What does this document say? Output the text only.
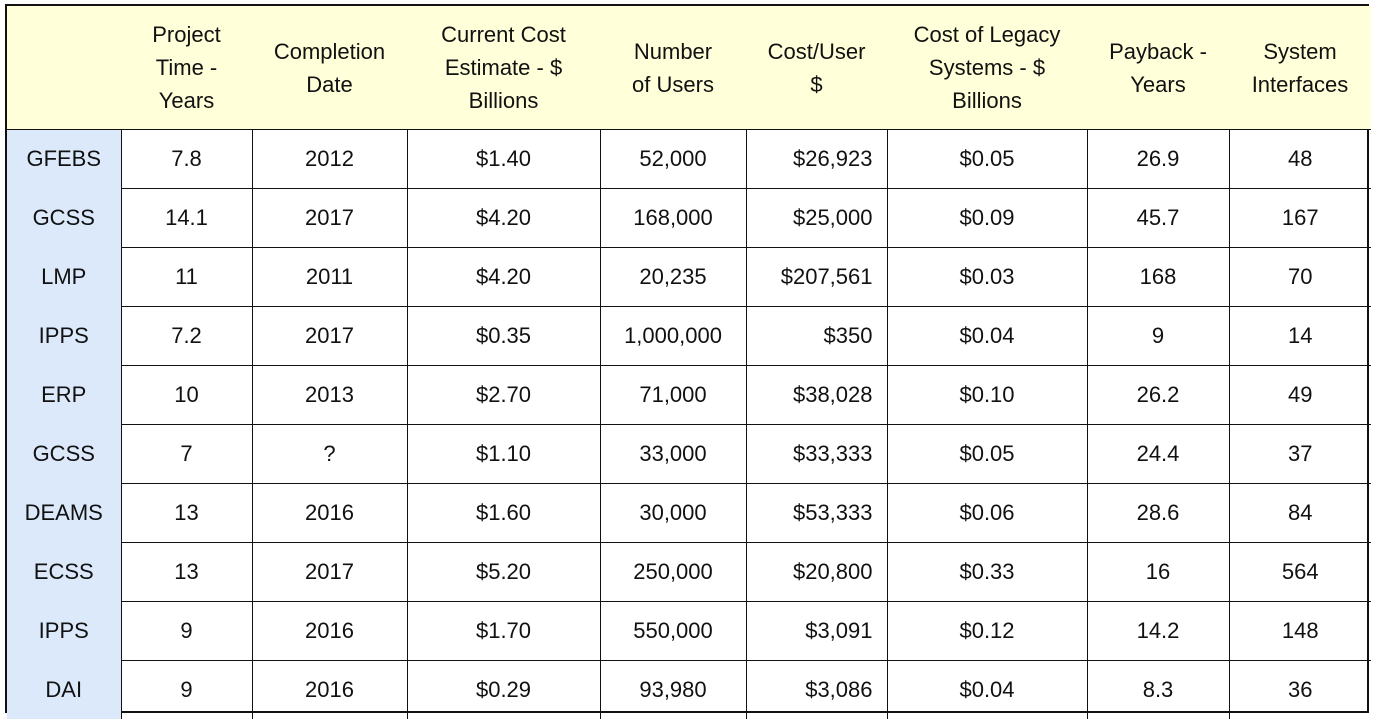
	Project
Time -
Years	Completion
Date	Current Cost
Estimate - $
Billions	Number
of Users	Cost/User
$	Cost of Legacy
Systems - $
Billions	Payback -
Years	System
Interfaces
GFEBS	7.8	2012	$1.40	52,000	$26,923	$0.05	26.9	48
GCSS	14.1	2017	$4.20	168,000	$25,000	$0.09	45.7	167
LMP	11	2011	$4.20	20,235	$207,561	$0.03	168	70
IPPS	7.2	2017	$0.35	1,000,000	$350	$0.04	9	14
ERP	10	2013	$2.70	71,000	$38,028	$0.10	26.2	49
GCSS	7	?	$1.10	33,000	$33,333	$0.05	24.4	37
DEAMS	13	2016	$1.60	30,000	$53,333	$0.06	28.6	84
ECSS	13	2017	$5.20	250,000	$20,800	$0.33	16	564
IPPS	9	2016	$1.70	550,000	$3,091	$0.12	14.2	148
DAI	9	2016	$0.29	93,980	$3,086	$0.04	8.3	36
